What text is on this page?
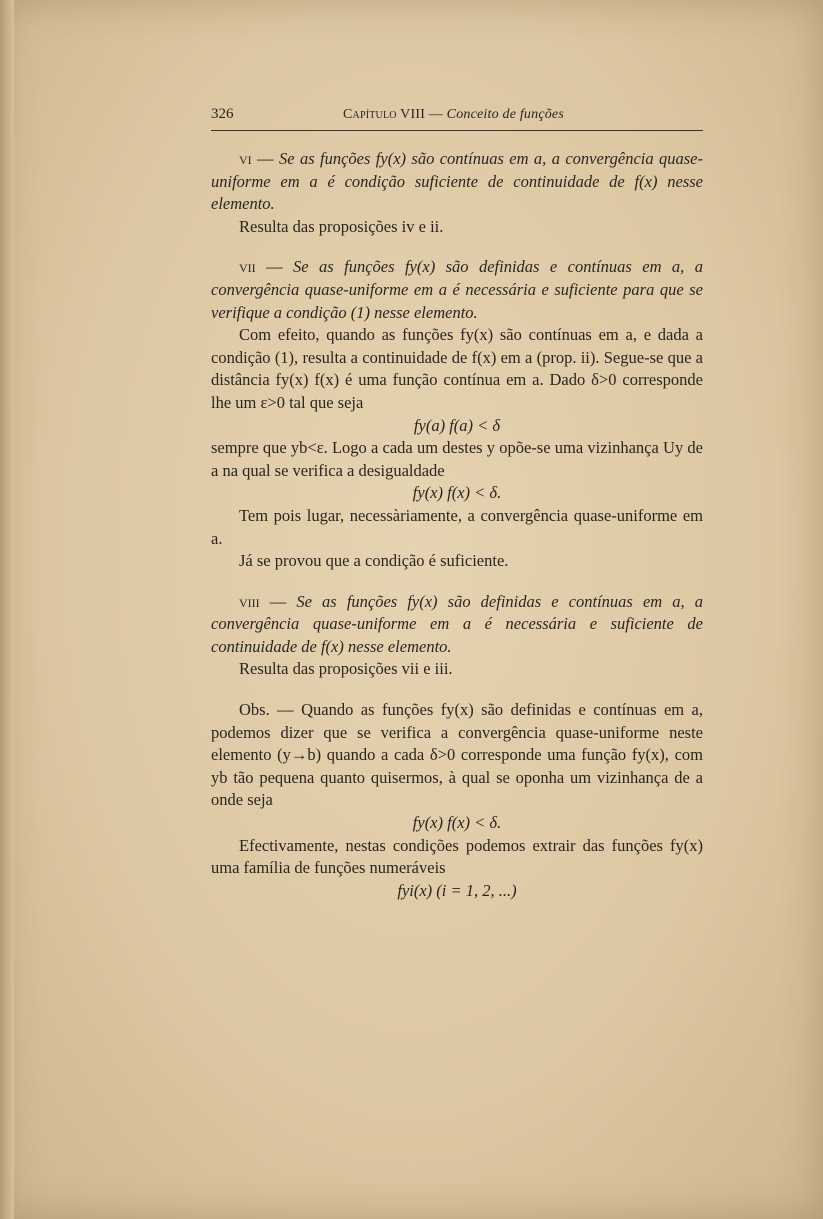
326	Capítulo VIII — Conceito de funções

vi — Se as funções fy(x) são contínuas em a, a convergência quase-uniforme em a é condição suficiente de continuidade de f(x) nesse elemento.

Resulta das proposições iv e ii.

vii — Se as funções fy(x) são definidas e contínuas em a, a convergência quase-uniforme em a é necessária e suficiente para que se verifique a condição (1) nesse elemento.

Com efeito, quando as funções fy(x) são contínuas em a, e dada a condição (1), resulta a continuidade de f(x) em a (prop. ii). Segue-se que a distância fy(x) f(x) é uma função contínua em a. Dado δ>0 corresponde lhe um ε>0 tal que seja

fy(a) f(a) < δ

sempre que yb<ε. Logo a cada um destes y opõe-se uma vizinhança Uy de a na qual se verifica a desigualdade

fy(x) f(x) < δ.

Tem pois lugar, necessàriamente, a convergência quase-uniforme em a.

Já se provou que a condição é suficiente.

viii — Se as funções fy(x) são definidas e contínuas em a, a convergência quase-uniforme em a é necessária e suficiente de continuidade de f(x) nesse elemento.

Resulta das proposições vii e iii.

Obs. — Quando as funções fy(x) são definidas e contínuas em a, podemos dizer que se verifica a convergência quase-uniforme neste elemento (y→b) quando a cada δ>0 corresponde uma função fy(x), com yb tão pequena quanto quisermos, à qual se oponha um vizinhança de a onde seja

fy(x) f(x) < δ.

Efectivamente, nestas condições podemos extrair das funções fy(x) uma família de funções numeráveis

fyi(x) (i = 1, 2, ...)
